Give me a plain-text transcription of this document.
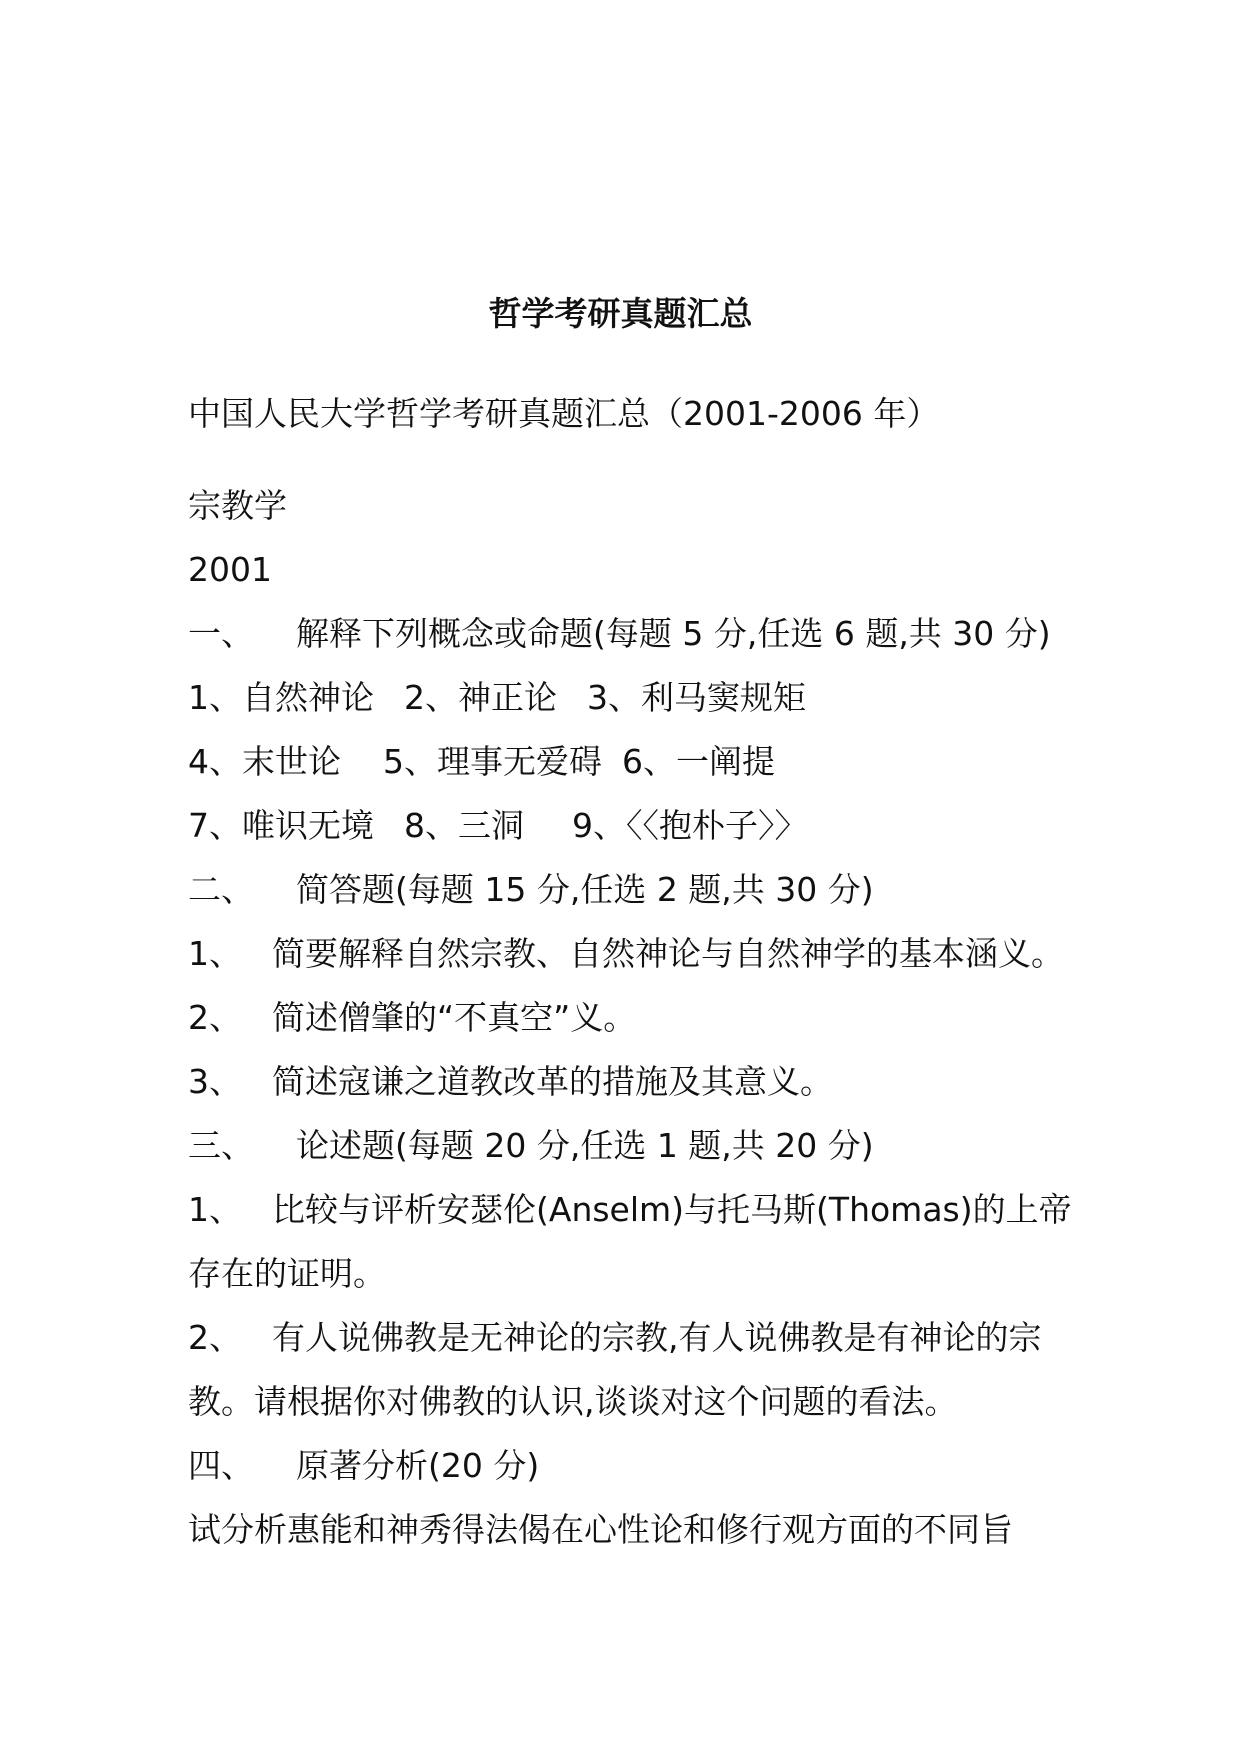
哲学考研真题汇总
中国人民大学哲学考研真题汇总（2001-2006 年）
宗教学
2001
一、 解释下列概念或命题(每题 5 分,任选 6 题,共 30 分)
1、自然神论 2、神正论 3、利马窦规矩
4、末世论 5、理事无爱碍 6、一阐提
7、唯识无境 8、三洞 9、〈〈抱朴子〉〉
二、 简答题(每题 15 分,任选 2 题,共 30 分)
1、 简要解释自然宗教、自然神论与自然神学的基本涵义。
2、 简述僧肇的“不真空”义。
3、 简述寇谦之道教改革的措施及其意义。
三、 论述题(每题 20 分,任选 1 题,共 20 分)
1、 比较与评析安瑟伦(Anselm)与托马斯(Thomas)的上帝
存在的证明。
2、 有人说佛教是无神论的宗教,有人说佛教是有神论的宗
教。请根据你对佛教的认识,谈谈对这个问题的看法。
四、 原著分析(20 分)
试分析惠能和神秀得法偈在心性论和修行观方面的不同旨
